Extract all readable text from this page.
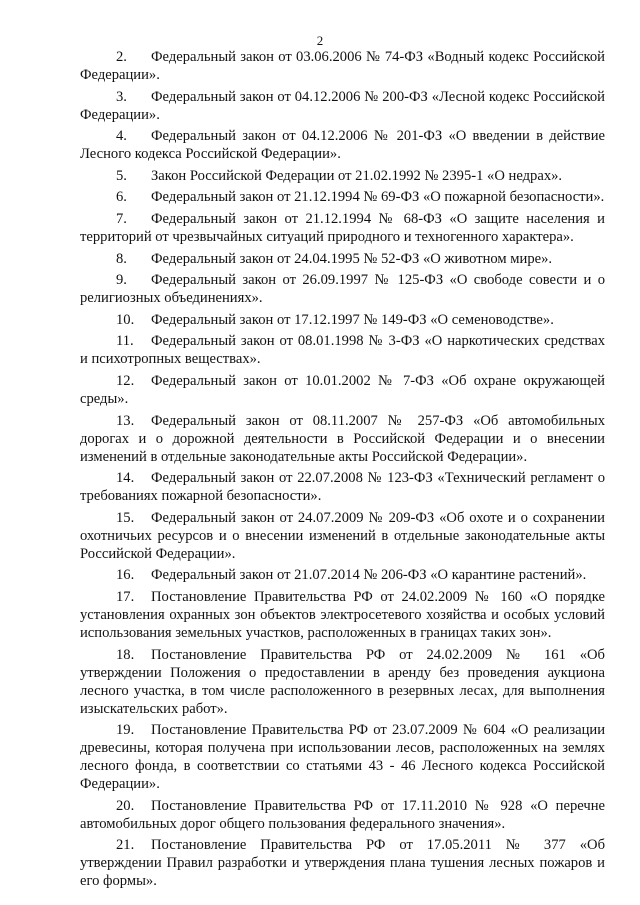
2

2. Федеральный закон от 03.06.2006 № 74-ФЗ «Водный кодекс Российской Федерации».

3. Федеральный закон от 04.12.2006 № 200-ФЗ «Лесной кодекс Российской Федерации».

4. Федеральный закон от 04.12.2006 № 201-ФЗ «О введении в действие Лесного кодекса Российской Федерации».

5. Закон Российской Федерации от 21.02.1992 № 2395-1 «О недрах».

6. Федеральный закон от 21.12.1994 № 69-ФЗ «О пожарной безопасности».

7. Федеральный закон от 21.12.1994 № 68-ФЗ «О защите населения и территорий от чрезвычайных ситуаций природного и техногенного характера».

8. Федеральный закон от 24.04.1995 № 52-ФЗ «О животном мире».

9. Федеральный закон от 26.09.1997 № 125-ФЗ «О свободе совести и о религиозных объединениях».

10. Федеральный закон от 17.12.1997 № 149-ФЗ «О семеноводстве».

11. Федеральный закон от 08.01.1998 № 3-ФЗ «О наркотических средствах и психотропных веществах».

12. Федеральный закон от 10.01.2002 № 7-ФЗ «Об охране окружающей среды».

13. Федеральный закон от 08.11.2007 № 257-ФЗ «Об автомобильных дорогах и о дорожной деятельности в Российской Федерации и о внесении изменений в отдельные законодательные акты Российской Федерации».

14. Федеральный закон от 22.07.2008 № 123-ФЗ «Технический регламент о требованиях пожарной безопасности».

15. Федеральный закон от 24.07.2009 № 209-ФЗ «Об охоте и о сохранении охотничьих ресурсов и о внесении изменений в отдельные законодательные акты Российской Федерации».

16. Федеральный закон от 21.07.2014 № 206-ФЗ «О карантине растений».

17. Постановление Правительства РФ от 24.02.2009 № 160 «О порядке установления охранных зон объектов электросетевого хозяйства и особых условий использования земельных участков, расположенных в границах таких зон».

18. Постановление Правительства РФ от 24.02.2009 № 161 «Об утверждении Положения о предоставлении в аренду без проведения аукциона лесного участка, в том числе расположенного в резервных лесах, для выполнения изыскательских работ».

19. Постановление Правительства РФ от 23.07.2009 № 604 «О реализации древесины, которая получена при использовании лесов, расположенных на землях лесного фонда, в соответствии со статьями 43 - 46 Лесного кодекса Российской Федерации».

20. Постановление Правительства РФ от 17.11.2010 № 928 «О перечне автомобильных дорог общего пользования федерального значения».

21. Постановление Правительства РФ от 17.05.2011 № 377 «Об утверждении Правил разработки и утверждения плана тушения лесных пожаров и его формы».
